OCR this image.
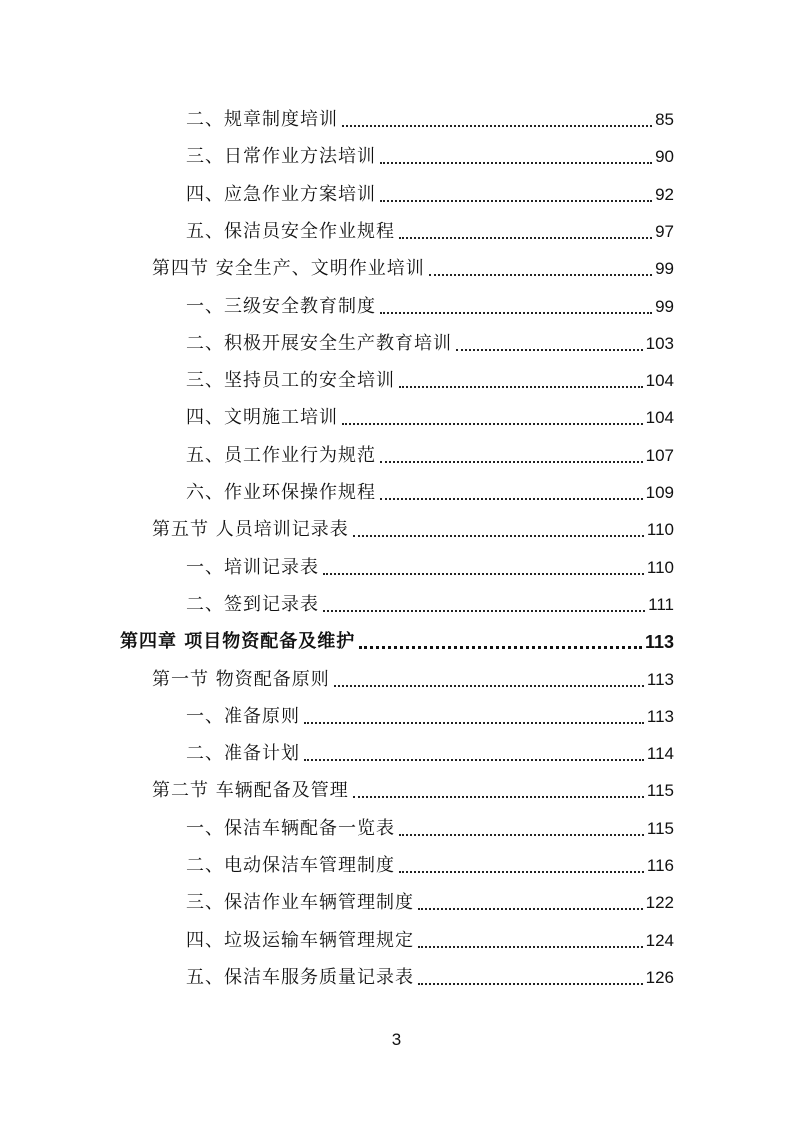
二、规章制度培训	85
三、日常作业方法培训	90
四、应急作业方案培训	92
五、保洁员安全作业规程	97
第四节 安全生产、文明作业培训	99
一、三级安全教育制度	99
二、积极开展安全生产教育培训	103
三、坚持员工的安全培训	104
四、文明施工培训	104
五、员工作业行为规范	107
六、作业环保操作规程	109
第五节 人员培训记录表	110
一、培训记录表	110
二、签到记录表	111
第四章 项目物资配备及维护	113
第一节 物资配备原则	113
一、准备原则	113
二、准备计划	114
第二节 车辆配备及管理	115
一、保洁车辆配备一览表	115
二、电动保洁车管理制度	116
三、保洁作业车辆管理制度	122
四、垃圾运输车辆管理规定	124
五、保洁车服务质量记录表	126
3
